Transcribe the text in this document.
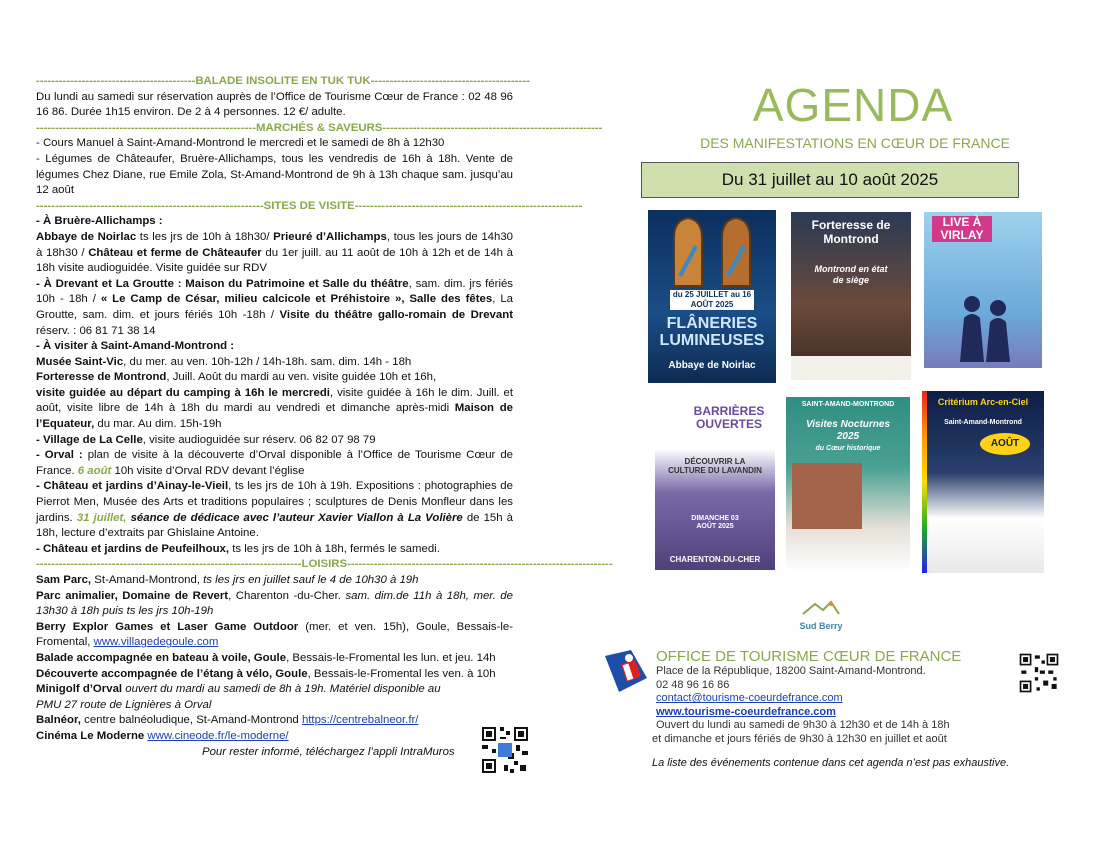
------------------------------------------BALADE INSOLITE EN TUK TUK------------------------------------------
Du lundi au samedi sur réservation auprès de l’Office de Tourisme Cœur de France : 02 48 96 16 86. Durée 1h15 environ. De 2 à 4 personnes. 12 €/ adulte.
----------------------------------------------------------MARCHÉS & SAVEURS----------------------------------------------------------
- Cours Manuel à Saint-Amand-Montrond le mercredi et le samedi de 8h à 12h30
- Légumes de Châteaufer, Bruère-Allichamps, tous les vendredis de 16h à 18h. Vente de légumes Chez Diane, rue Emile Zola, St-Amand-Montrond de 9h à 13h chaque sam. jusqu’au 12 août
------------------------------------------------------------SITES DE VISITE------------------------------------------------------------
- À Bruère-Allichamps :
Abbaye de Noirlac ts les jrs de 10h à 18h30/ Prieuré d’Allichamps, tous les jours de 14h30 à 18h30 / Château et ferme de Châteaufer du 1er juill. au 11 août de 10h à 12h et de 14h à 18h visite audioguidée. Visite guidée sur RDV
- À Drevant et La Groutte : Maison du Patrimoine et Salle du théâtre, sam. dim. jrs fériés 10h - 18h / « Le Camp de César, milieu calcicole et Préhistoire », Salle des fêtes, La Groutte, sam. dim. et jours fériés 10h -18h / Visite du théâtre gallo-romain de Drevant réserv. : 06 81 71 38 14
- À visiter à Saint-Amand-Montrond :
Musée Saint-Vic, du mer. au ven. 10h-12h / 14h-18h. sam. dim. 14h - 18h
Forteresse de Montrond, Juill. Août du mardi au ven. visite guidée 10h et 16h,
visite guidée au départ du camping à 16h le mercredi, visite guidée à 16h le dim. Juill. et août, visite libre de 14h à 18h du mardi au vendredi et dimanche après-midi Maison de l’Equateur, du mar. Au dim. 15h-19h
- Village de La Celle, visite audioguidée sur réserv. 06 82 07 98 79
- Orval : plan de visite à la découverte d’Orval disponible à l’Office de Tourisme Cœur de France. 6 août 10h visite d’Orval RDV devant l’église
- Château et jardins d’Ainay-le-Vieil, ts les jrs de 10h à 19h. Expositions : photographies de Pierrot Men, Musée des Arts et traditions populaires ; sculptures de Denis Monfleur dans les jardins. 31 juillet, séance de dédicace avec l’auteur Xavier Viallon à La Volière de 15h à 18h, lecture d’extraits par Ghislaine Antoine.
- Château et jardins de Peufeilhoux, ts les jrs de 10h à 18h, fermés le samedi.
----------------------------------------------------------------------LOISIRS----------------------------------------------------------------------
Sam Parc, St-Amand-Montrond, ts les jrs en juillet sauf le 4 de 10h30 à 19h
Parc animalier, Domaine de Revert, Charenton -du-Cher. sam. dim.de 11h à 18h, mer. de 13h30 à 18h puis ts les jrs 10h-19h
Berry Explor Games et Laser Game Outdoor (mer. et ven. 15h), Goule, Bessais-le-Fromental, www.villagedegoule.com
Balade accompagnée en bateau à voile, Goule, Bessais-le-Fromental les lun. et jeu. 14h
Découverte accompagnée de l’étang à vélo, Goule, Bessais-le-Fromental les ven. à 10h
Minigolf d’Orval ouvert du mardi au samedi de 8h à 19h. Matériel disponible au PMU 27 route de Lignières à Orval
Balnéor, centre balnéoludique, St-Amand-Montrond https://centrebalneor.fr/
Cinéma Le Moderne www.cineode.fr/le-moderne/
Pour rester informé, téléchargez l’appli IntraMuros
AGENDA
DES MANIFESTATIONS EN CŒUR DE FRANCE
Du 31 juillet au 10 août 2025
du 25 JUILLET au 16 AOÛT 2025
FLÂNERIES LUMINEUSES
Abbaye de Noirlac
Forteresse de Montrond
Montrond en état de siège
LIVE À VIRLAY
BARRIÈRES OUVERTES
DÉCOUVRIR LA CULTURE DU LAVANDIN
DIMANCHE 03 AOÛT 2025
CHARENTON-DU-CHER
SAINT-AMAND-MONTROND
Visites Nocturnes 2025
du Cœur historique
Critérium Arc-en-Ciel
Saint-Amand-Montrond
AOÛT
Sud Berry
OFFICE DE TOURISME CŒUR DE FRANCE
Place de la République, 18200 Saint-Amand-Montrond.
02 48 96 16 86
contact@tourisme-coeurdefrance.com
www.tourisme-coeurdefrance.com
Ouvert du lundi au samedi de 9h30 à 12h30 et de 14h à 18h
et dimanche et jours fériés de 9h30 à 12h30 en juillet et août
La liste des événements contenue dans cet agenda n’est pas exhaustive.
